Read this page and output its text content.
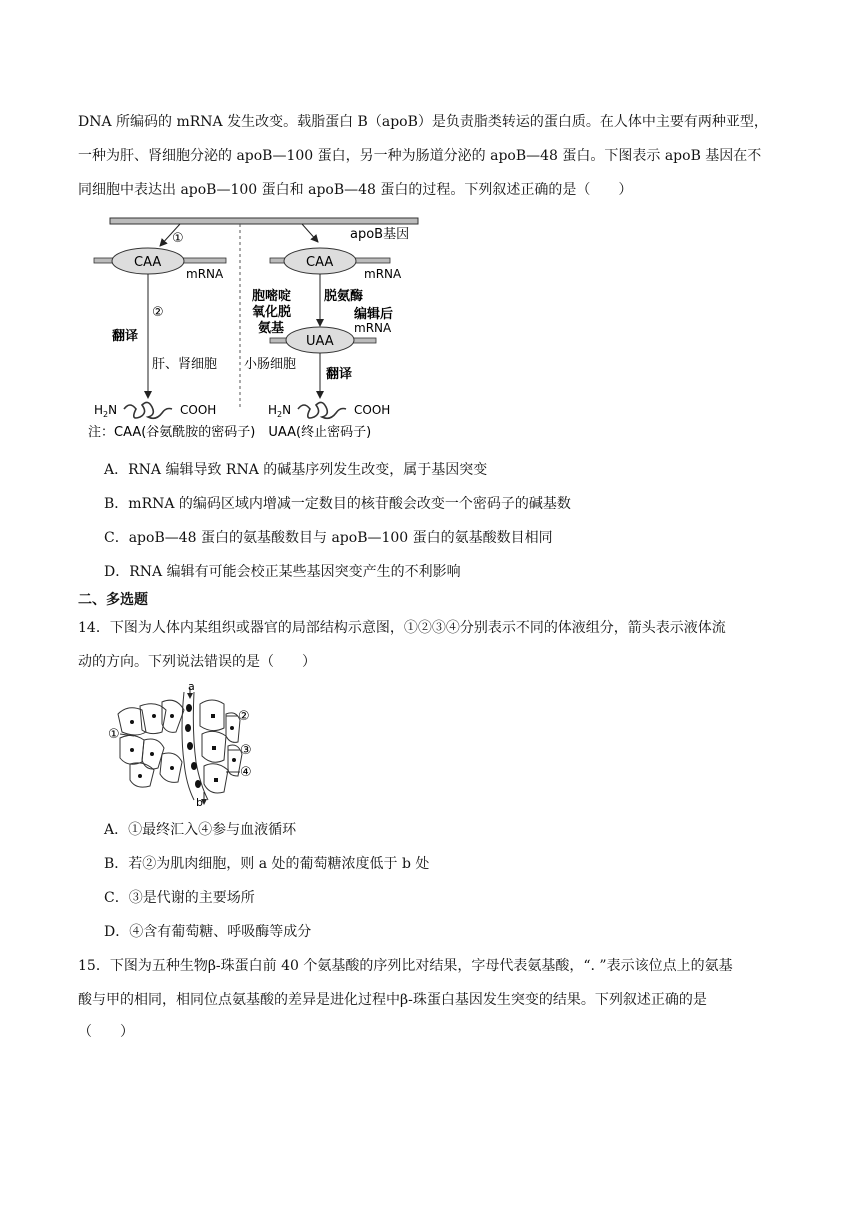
DNA 所编码的 mRNA 发生改变。载脂蛋白 B（apoB）是负责脂类转运的蛋白质。在人体中主要有两种亚型，
一种为肝、肾细胞分泌的 apoB—100 蛋白，另一种为肠道分泌的 apoB—48 蛋白。下图表示 apoB 基因在不
同细胞中表达出 apoB—100 蛋白和 apoB—48 蛋白的过程。下列叙述正确的是（　　）
apoB基因
①
CAA
mRNA
②
翻译
肝、肾细胞
CAA
mRNA
胞嘧啶
氧化脱
氨基
脱氨酶
编辑后
mRNA
UAA
小肠细胞
翻译
$H_2N$	COOH	$H_2N$	COOH
注：CAA(谷氨酰胺的密码子)　UAA(终止密码子)
A．RNA 编辑导致 RNA 的碱基序列发生改变，属于基因突变
B．mRNA 的编码区域内增减一定数目的核苷酸会改变一个密码子的碱基数
C．apoB—48 蛋白的氨基酸数目与 apoB—100 蛋白的氨基酸数目相同
D．RNA 编辑有可能会校正某些基因突变产生的不利影响
二、多选题
14．下图为人体内某组织或器官的局部结构示意图，①②③④分别表示不同的体液组分，箭头表示液体流
动的方向。下列说法错误的是（　　）
a
b
①
②
③
④
A．①最终汇入④参与血液循环
B．若②为肌肉细胞，则 a 处的葡萄糖浓度低于 b 处
C．③是代谢的主要场所
D．④含有葡萄糖、呼吸酶等成分
15．下图为五种生物β-珠蛋白前 40 个氨基酸的序列比对结果，字母代表氨基酸，“. ”表示该位点上的氨基
酸与甲的相同，相同位点氨基酸的差异是进化过程中β-珠蛋白基因发生突变的结果。下列叙述正确的是
（　　）
